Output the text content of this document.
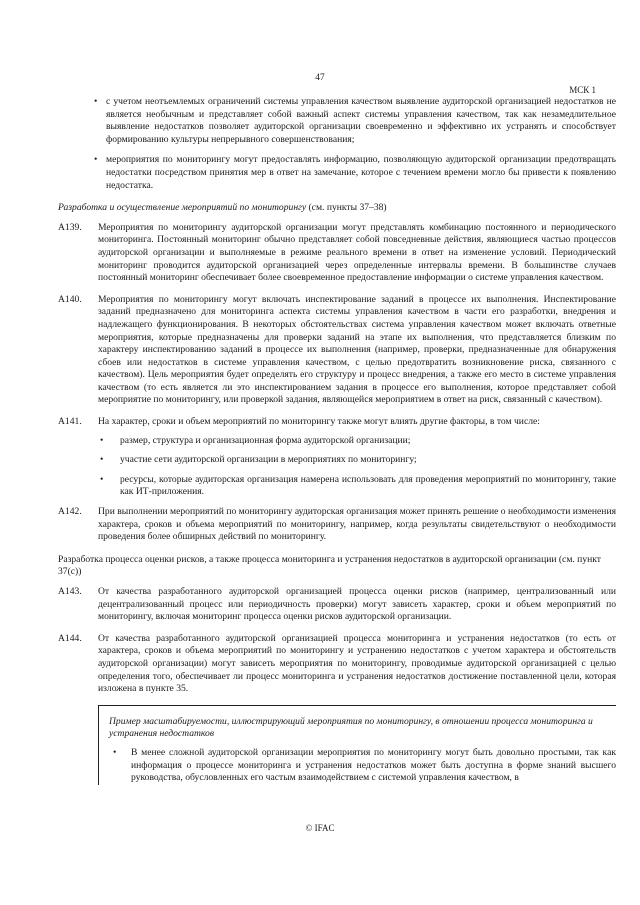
47
МСК 1
• с учетом неотъемлемых ограничений системы управления качеством выявление аудиторской организацией недостатков не является необычным и представляет собой важный аспект системы управления качеством, так как незамедлительное выявление недостатков позволяет аудиторской организации своевременно и эффективно их устранять и способствует формированию культуры непрерывного совершенствования;

• мероприятия по мониторингу могут предоставлять информацию, позволяющую аудиторской организации предотвращать недостатки посредством принятия мер в ответ на замечание, которое с течением времени могло бы привести к появлению недостатка.

Разработка и осуществление мероприятий по мониторингу (см. пункты 37–38)

A139. Мероприятия по мониторингу аудиторской организации могут представлять комбинацию постоянного и периодического мониторинга. Постоянный мониторинг обычно представляет собой повседневные действия, являющиеся частью процессов аудиторской организации и выполняемые в режиме реального времени в ответ на изменение условий. Периодический мониторинг проводится аудиторской организацией через определенные интервалы времени. В большинстве случаев постоянный мониторинг обеспечивает более своевременное предоставление информации о системе управления качеством.

A140. Мероприятия по мониторингу могут включать инспектирование заданий в процессе их выполнения. Инспектирование заданий предназначено для мониторинга аспекта системы управления качеством в части его разработки, внедрения и надлежащего функционирования. В некоторых обстоятельствах система управления качеством может включать ответные мероприятия, которые предназначены для проверки заданий на этапе их выполнения, что представляется близким по характеру инспектированию заданий в процессе их выполнения (например, проверки, предназначенные для обнаружения сбоев или недостатков в системе управления качеством, с целью предотвратить возникновение риска, связанного с качеством). Цель мероприятия будет определять его структуру и процесс внедрения, а также его место в системе управления качеством (то есть является ли это инспектированием задания в процессе его выполнения, которое представляет собой мероприятие по мониторингу, или проверкой задания, являющейся мероприятием в ответ на риск, связанный с качеством).

A141. На характер, сроки и объем мероприятий по мониторингу также могут влиять другие факторы, в том числе:

• размер, структура и организационная форма аудиторской организации;

• участие сети аудиторской организации в мероприятиях по мониторингу;

• ресурсы, которые аудиторская организация намерена использовать для проведения мероприятий по мониторингу, такие как ИТ-приложения.

A142. При выполнении мероприятий по мониторингу аудиторская организация может принять решение о необходимости изменения характера, сроков и объема мероприятий по мониторингу, например, когда результаты свидетельствуют о необходимости проведения более обширных действий по мониторингу.

Разработка процесса оценки рисков, а также процесса мониторинга и устранения недостатков в аудиторской организации (см. пункт 37(c))

A143. От качества разработанного аудиторской организацией процесса оценки рисков (например, централизованный или децентрализованный процесс или периодичность проверки) могут зависеть характер, сроки и объем мероприятий по мониторингу, включая мониторинг процесса оценки рисков аудиторской организации.

A144. От качества разработанного аудиторской организацией процесса мониторинга и устранения недостатков (то есть от характера, сроков и объема мероприятий по мониторингу и устранению недостатков с учетом характера и обстоятельств аудиторской организации) могут зависеть мероприятия по мониторингу, проводимые аудиторской организацией с целью определения того, обеспечивает ли процесс мониторинга и устранения недостатков достижение поставленной цели, которая изложена в пункте 35.

Пример масштабируемости, иллюстрирующий мероприятия по мониторингу, в отношении процесса мониторинга и устранения недостатков

• В менее сложной аудиторской организации мероприятия по мониторингу могут быть довольно простыми, так как информация о процессе мониторинга и устранения недостатков может быть доступна в форме знаний высшего руководства, обусловленных его частым взаимодействием с системой управления качеством, в

© IFAC
